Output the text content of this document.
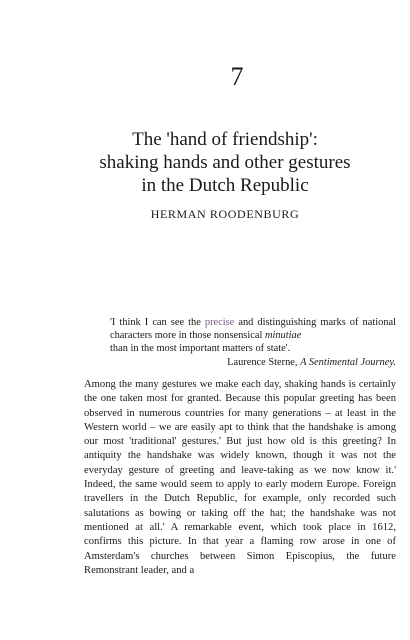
7
The 'hand of friendship':
shaking hands and other gestures
in the Dutch Republic

HERMAN ROODENBURG

'I think I can see the precise and distinguishing marks of national characters more in those nonsensical minutiae
than in the most important matters of state'.

Laurence Sterne, A Sentimental Journey.

Among the many gestures we make each day, shaking hands is certainly the one taken most for granted. Because this popular greeting has been observed in numerous countries for many generations – at least in the Western world – we are easily apt to think that the handshake is among our most 'traditional' gestures.' But just how old is this greeting? In antiquity the handshake was widely known, though it was not the everyday gesture of greeting and leave-taking as we now know it.' Indeed, the same would seem to apply to early modern Europe. Foreign travellers in the Dutch Republic, for example, only recorded such salutations as bowing or taking off the hat; the handshake was not mentioned at all.' A remarkable event, which took place in 1612, confirms this picture. In that year a flaming row arose in one of Amsterdam's churches between Simon Episcopius, the future Remonstrant leader, and a
